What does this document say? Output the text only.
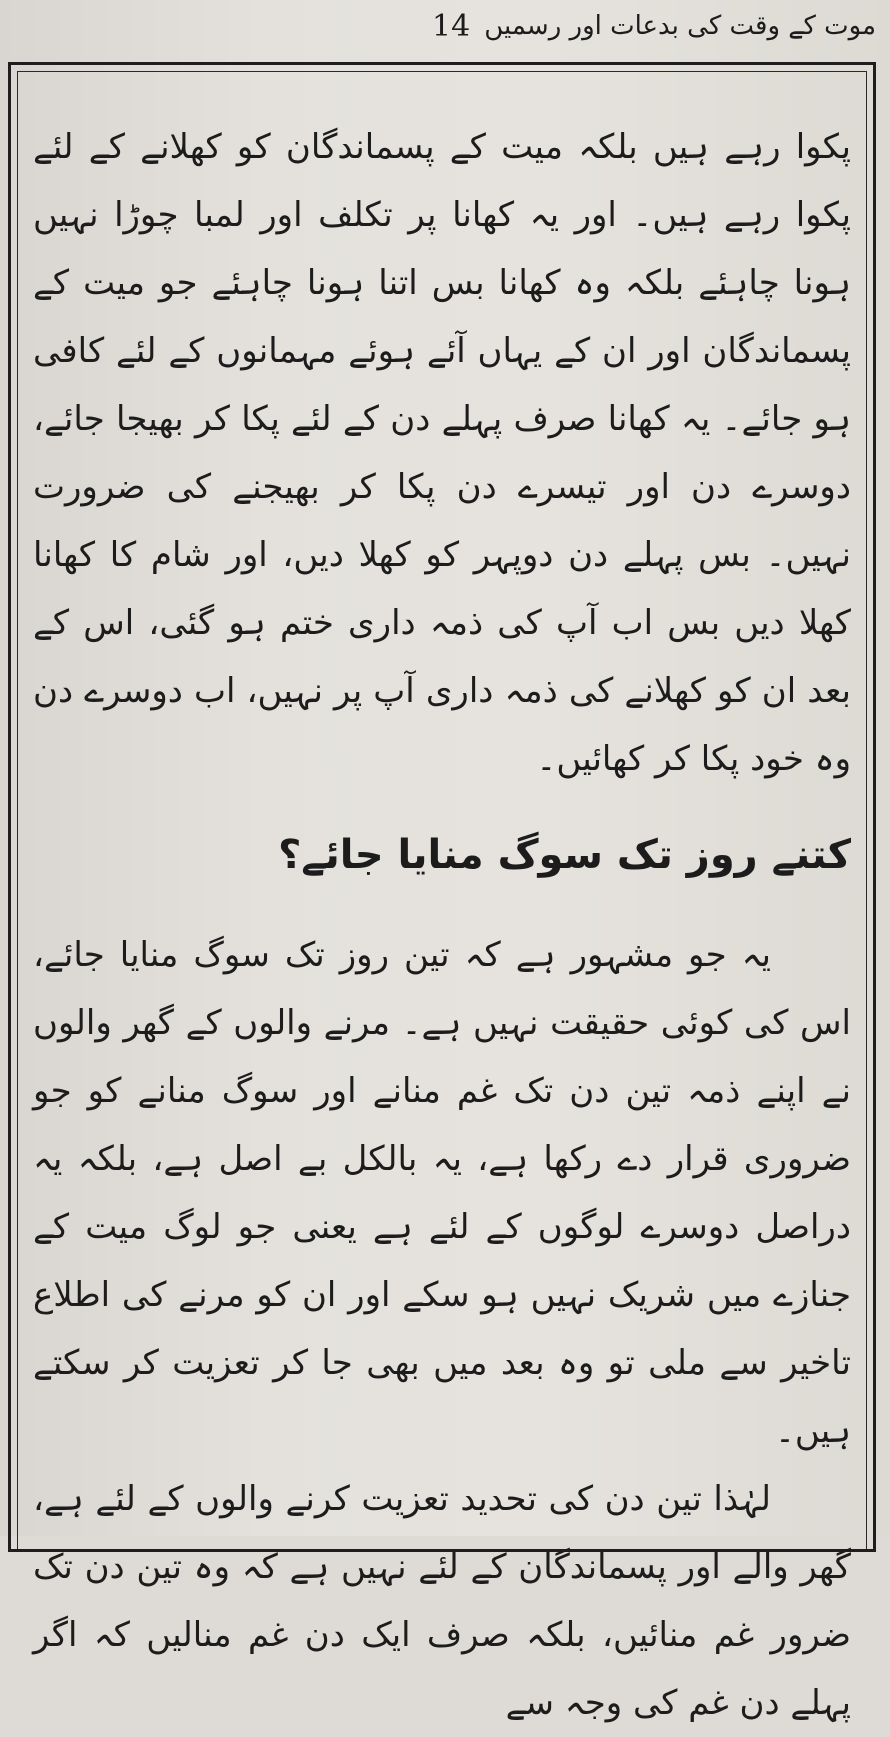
موت کے وقت کی بدعات اور رسمیں
14

پکوا رہے ہیں بلکہ میت کے پسماندگان کو کھلانے کے لئے پکوا رہے ہیں۔ اور یہ کھانا پر تکلف اور لمبا چوڑا نہیں ہونا چاہئے بلکہ وہ کھانا بس اتنا ہونا چاہئے جو میت کے پسماندگان اور ان کے یہاں آئے ہوئے مہمانوں کے لئے کافی ہو جائے۔ یہ کھانا صرف پہلے دن کے لئے پکا کر بھیجا جائے، دوسرے دن اور تیسرے دن پکا کر بھیجنے کی ضرورت نہیں۔ بس پہلے دن دوپہر کو کھلا دیں، اور شام کا کھانا کھلا دیں بس اب آپ کی ذمہ داری ختم ہو گئی، اس کے بعد ان کو کھلانے کی ذمہ داری آپ پر نہیں، اب دوسرے دن وہ خود پکا کر کھائیں۔

کتنے روز تک سوگ منایا جائے؟

یہ جو مشہور ہے کہ تین روز تک سوگ منایا جائے، اس کی کوئی حقیقت نہیں ہے۔ مرنے والوں کے گھر والوں نے اپنے ذمہ تین دن تک غم منانے اور سوگ منانے کو جو ضروری قرار دے رکھا ہے، یہ بالکل بے اصل ہے، بلکہ یہ دراصل دوسرے لوگوں کے لئے ہے یعنی جو لوگ میت کے جنازے میں شریک نہیں ہو سکے اور ان کو مرنے کی اطلاع تاخیر سے ملی تو وہ بعد میں بھی جا کر تعزیت کر سکتے ہیں۔

لہٰذا تین دن کی تحدید تعزیت کرنے والوں کے لئے ہے، گھر والے اور پسماندگان کے لئے نہیں ہے کہ وہ تین دن تک ضرور غم منائیں، بلکہ صرف ایک دن غم منالیں کہ اگر پہلے دن غم کی وجہ سے
